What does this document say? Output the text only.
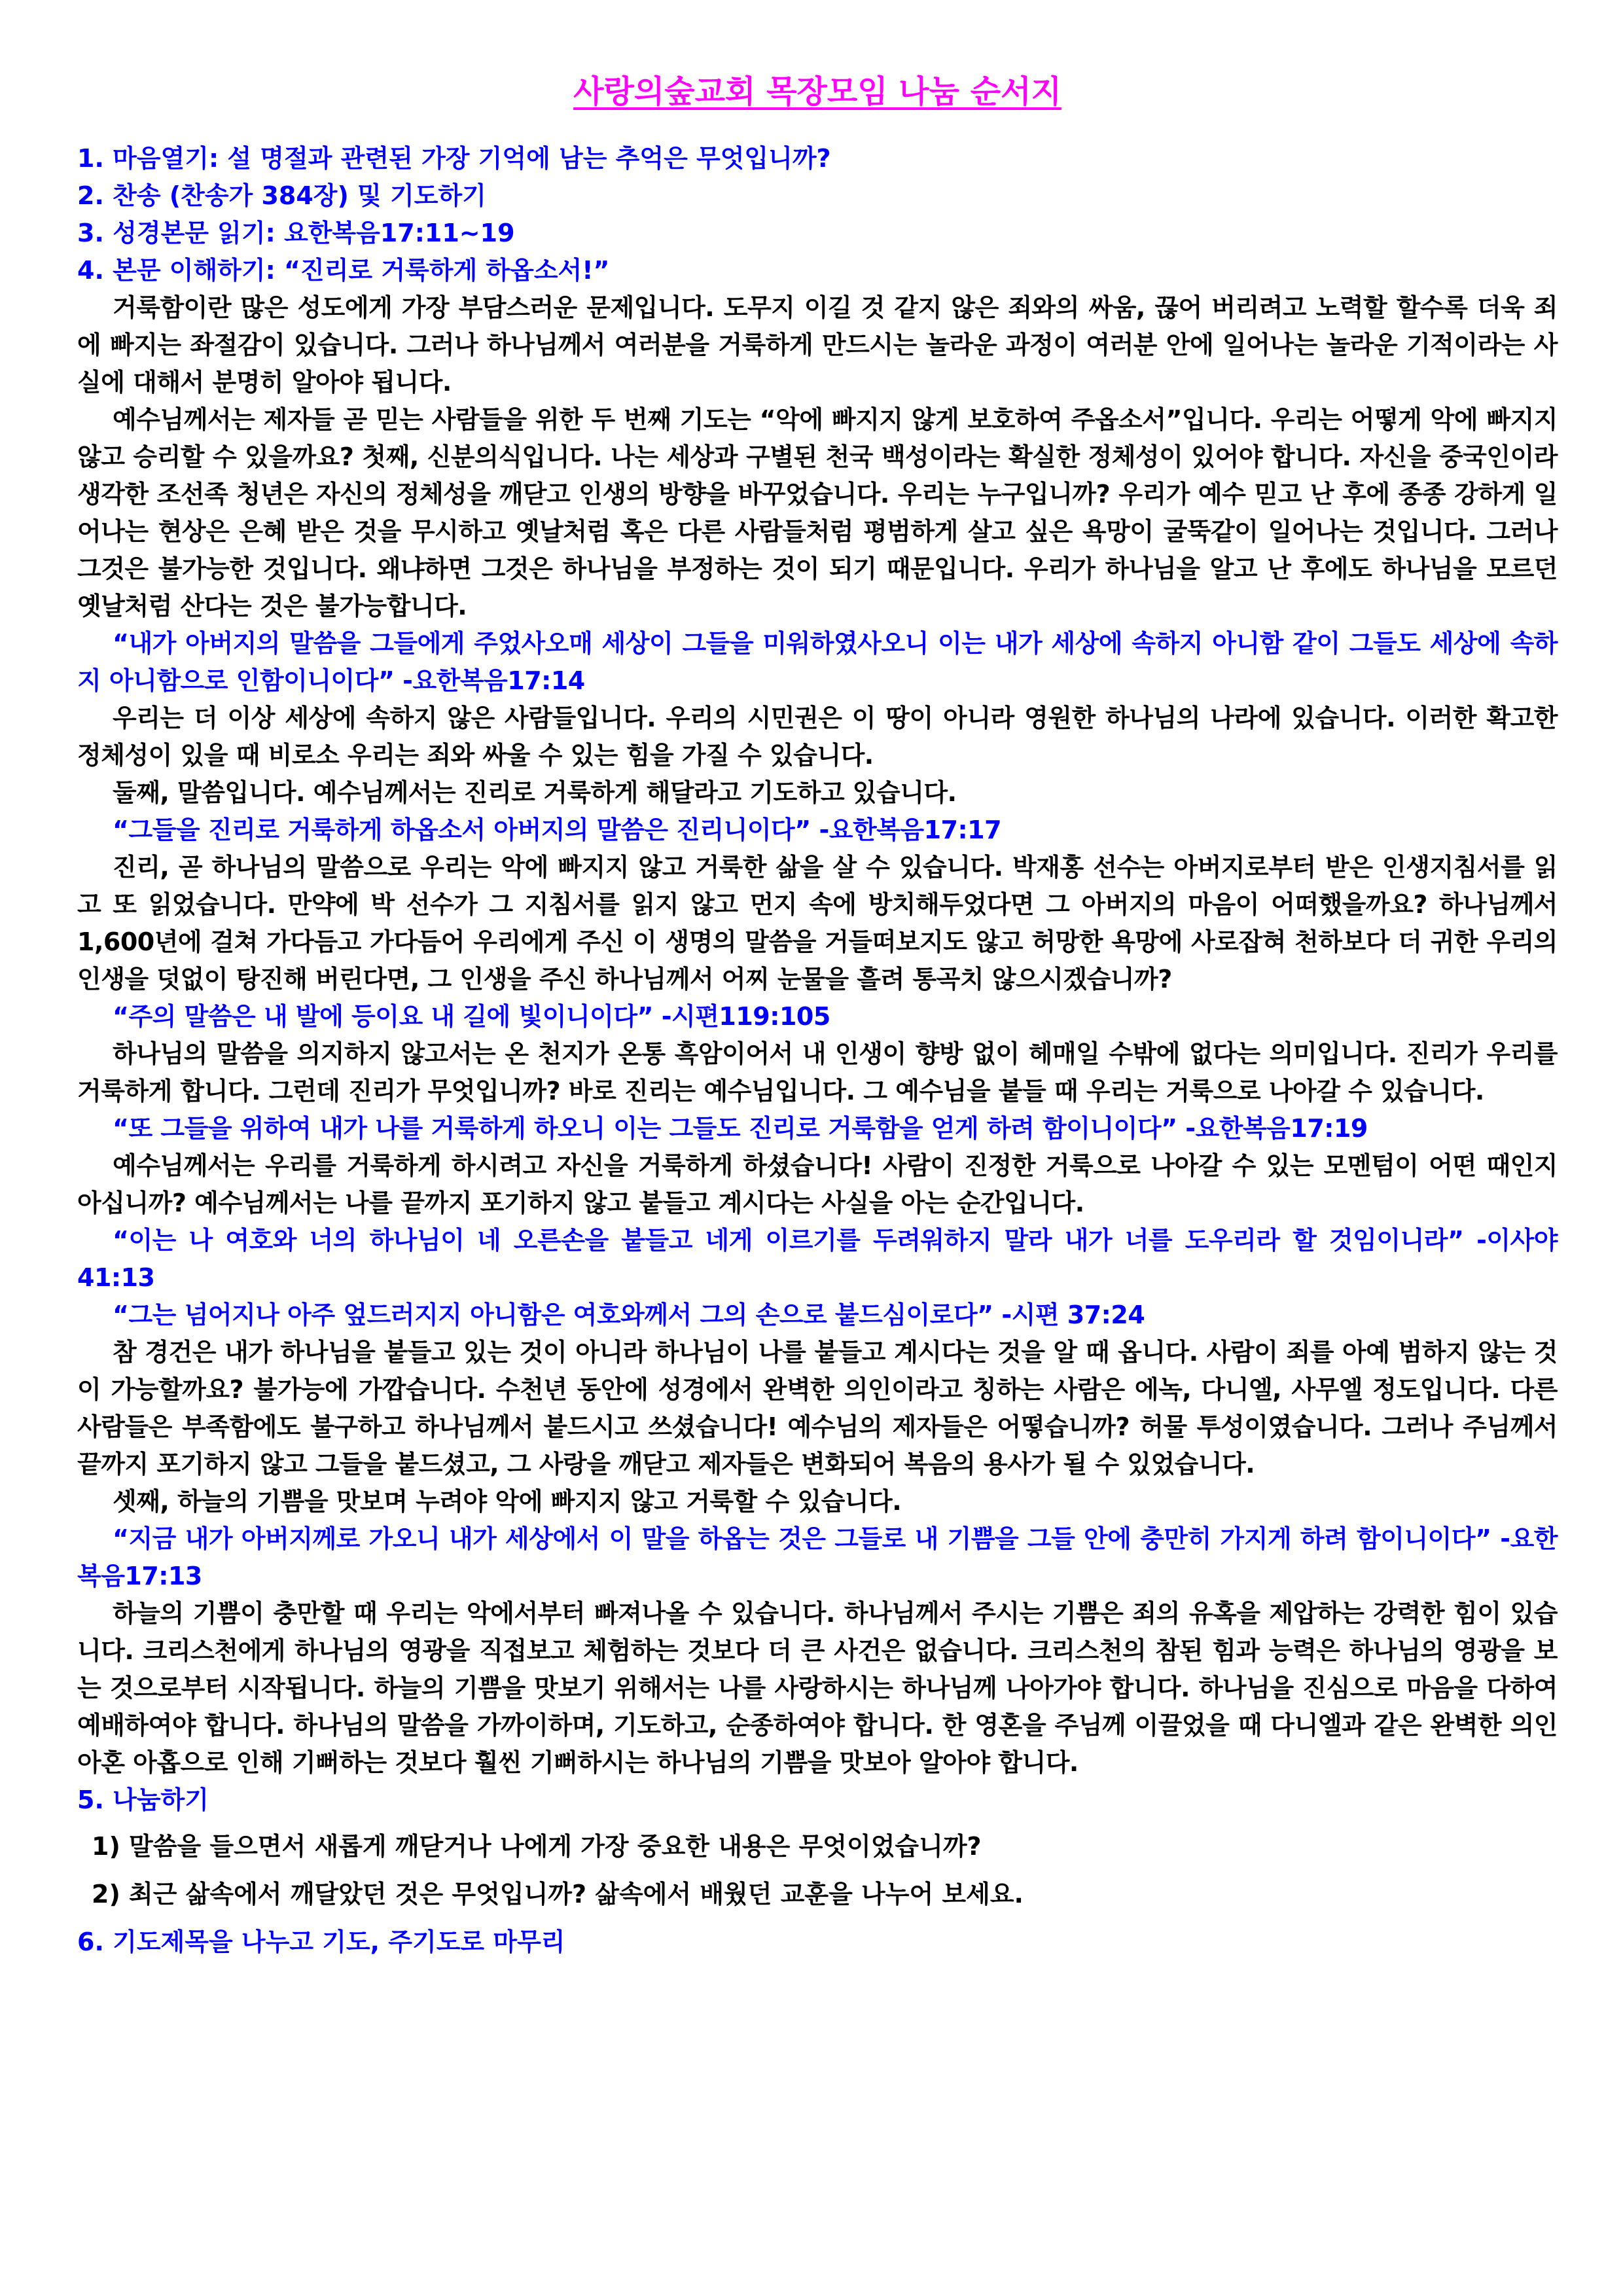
사랑의숲교회 목장모임 나눔 순서지

1. 마음열기: 설 명절과 관련된 가장 기억에 남는 추억은 무엇입니까?

2. 찬송 (찬송가 384장) 및 기도하기

3. 성경본문 읽기: 요한복음17:11~19

4. 본문 이해하기: “진리로 거룩하게 하옵소서!”

거룩함이란 많은 성도에게 가장 부담스러운 문제입니다. 도무지 이길 것 같지 않은 죄와의 싸움, 끊어 버리려고 노력할 할수록 더욱 죄에 빠지는 좌절감이 있습니다. 그러나 하나님께서 여러분을 거룩하게 만드시는 놀라운 과정이 여러분 안에 일어나는 놀라운 기적이라는 사실에 대해서 분명히 알아야 됩니다.

예수님께서는 제자들 곧 믿는 사람들을 위한 두 번째 기도는 “악에 빠지지 않게 보호하여 주옵소서”입니다. 우리는 어떻게 악에 빠지지 않고 승리할 수 있을까요? 첫째, 신분의식입니다. 나는 세상과 구별된 천국 백성이라는 확실한 정체성이 있어야 합니다. 자신을 중국인이라 생각한 조선족 청년은 자신의 정체성을 깨닫고 인생의 방향을 바꾸었습니다. 우리는 누구입니까? 우리가 예수 믿고 난 후에 종종 강하게 일어나는 현상은 은혜 받은 것을 무시하고 옛날처럼 혹은 다른 사람들처럼 평범하게 살고 싶은 욕망이 굴뚝같이 일어나는 것입니다. 그러나 그것은 불가능한 것입니다. 왜냐하면 그것은 하나님을 부정하는 것이 되기 때문입니다. 우리가 하나님을 알고 난 후에도 하나님을 모르던 옛날처럼 산다는 것은 불가능합니다.

“내가 아버지의 말씀을 그들에게 주었사오매 세상이 그들을 미워하였사오니 이는 내가 세상에 속하지 아니함 같이 그들도 세상에 속하지 아니함으로 인함이니이다” -요한복음17:14

우리는 더 이상 세상에 속하지 않은 사람들입니다. 우리의 시민권은 이 땅이 아니라 영원한 하나님의 나라에 있습니다. 이러한 확고한 정체성이 있을 때 비로소 우리는 죄와 싸울 수 있는 힘을 가질 수 있습니다.

둘째, 말씀입니다. 예수님께서는 진리로 거룩하게 해달라고 기도하고 있습니다.

“그들을 진리로 거룩하게 하옵소서 아버지의 말씀은 진리니이다” -요한복음17:17

진리, 곧 하나님의 말씀으로 우리는 악에 빠지지 않고 거룩한 삶을 살 수 있습니다. 박재홍 선수는 아버지로부터 받은 인생지침서를 읽고 또 읽었습니다. 만약에 박 선수가 그 지침서를 읽지 않고 먼지 속에 방치해두었다면 그 아버지의 마음이 어떠했을까요? 하나님께서 1,600년에 걸쳐 가다듬고 가다듬어 우리에게 주신 이 생명의 말씀을 거들떠보지도 않고 허망한 욕망에 사로잡혀 천하보다 더 귀한 우리의 인생을 덧없이 탕진해 버린다면, 그 인생을 주신 하나님께서 어찌 눈물을 흘려 통곡치 않으시겠습니까?

“주의 말씀은 내 발에 등이요 내 길에 빛이니이다” -시편119:105

하나님의 말씀을 의지하지 않고서는 온 천지가 온통 흑암이어서 내 인생이 향방 없이 헤매일 수밖에 없다는 의미입니다. 진리가 우리를 거룩하게 합니다. 그런데 진리가 무엇입니까? 바로 진리는 예수님입니다. 그 예수님을 붙들 때 우리는 거룩으로 나아갈 수 있습니다.

“또 그들을 위하여 내가 나를 거룩하게 하오니 이는 그들도 진리로 거룩함을 얻게 하려 함이니이다” -요한복음17:19

예수님께서는 우리를 거룩하게 하시려고 자신을 거룩하게 하셨습니다! 사람이 진정한 거룩으로 나아갈 수 있는 모멘텀이 어떤 때인지 아십니까? 예수님께서는 나를 끝까지 포기하지 않고 붙들고 계시다는 사실을 아는 순간입니다.

“이는 나 여호와 너의 하나님이 네 오른손을 붙들고 네게 이르기를 두려워하지 말라 내가 너를 도우리라 할 것임이니라” -이사야41:13

“그는 넘어지나 아주 엎드러지지 아니함은 여호와께서 그의 손으로 붙드심이로다” -시편 37:24

참 경건은 내가 하나님을 붙들고 있는 것이 아니라 하나님이 나를 붙들고 계시다는 것을 알 때 옵니다. 사람이 죄를 아예 범하지 않는 것이 가능할까요? 불가능에 가깝습니다. 수천년 동안에 성경에서 완벽한 의인이라고 칭하는 사람은 에녹, 다니엘, 사무엘 정도입니다. 다른 사람들은 부족함에도 불구하고 하나님께서 붙드시고 쓰셨습니다! 예수님의 제자들은 어떻습니까? 허물 투성이였습니다. 그러나 주님께서 끝까지 포기하지 않고 그들을 붙드셨고, 그 사랑을 깨닫고 제자들은 변화되어 복음의 용사가 될 수 있었습니다.

셋째, 하늘의 기쁨을 맛보며 누려야 악에 빠지지 않고 거룩할 수 있습니다.

“지금 내가 아버지께로 가오니 내가 세상에서 이 말을 하옵는 것은 그들로 내 기쁨을 그들 안에 충만히 가지게 하려 함이니이다” -요한복음17:13

하늘의 기쁨이 충만할 때 우리는 악에서부터 빠져나올 수 있습니다. 하나님께서 주시는 기쁨은 죄의 유혹을 제압하는 강력한 힘이 있습니다. 크리스천에게 하나님의 영광을 직접보고 체험하는 것보다 더 큰 사건은 없습니다. 크리스천의 참된 힘과 능력은 하나님의 영광을 보는 것으로부터 시작됩니다. 하늘의 기쁨을 맛보기 위해서는 나를 사랑하시는 하나님께 나아가야 합니다. 하나님을 진심으로 마음을 다하여 예배하여야 합니다. 하나님의 말씀을 가까이하며, 기도하고, 순종하여야 합니다. 한 영혼을 주님께 이끌었을 때 다니엘과 같은 완벽한 의인 아혼 아홉으로 인해 기뻐하는 것보다 훨씬 기뻐하시는 하나님의 기쁨을 맛보아 알아야 합니다.

5. 나눔하기

1) 말씀을 들으면서 새롭게 깨닫거나 나에게 가장 중요한 내용은 무엇이었습니까?

2) 최근 삶속에서 깨달았던 것은 무엇입니까? 삶속에서 배웠던 교훈을 나누어 보세요.

6. 기도제목을 나누고 기도, 주기도로 마무리
